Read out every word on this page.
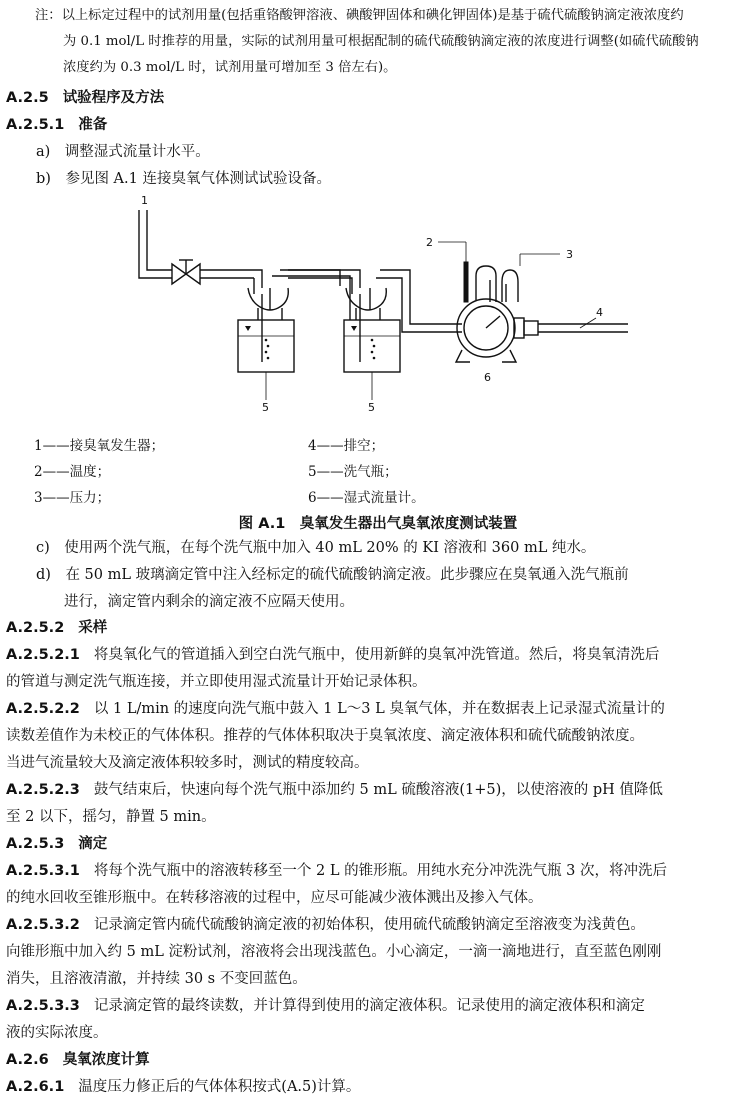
注：以上标定过程中的试剂用量(包括重铬酸钾溶液、碘酸钾固体和碘化钾固体)是基于硫代硫酸钠滴定液浓度约
为 0.1 mol/L 时推荐的用量，实际的试剂用量可根据配制的硫代硫酸钠滴定液的浓度进行调整(如硫代硫酸钠
浓度约为 0.3 mol/L 时，试剂用量可增加至 3 倍左右)。
A.2.5 试验程序及方法
A.2.5.1 准备
a)　调整湿式流量计水平。
b)　参见图 A.1 连接臭氧气体测试试验设备。
1
2
3
4
5	5
6
1——接臭氧发生器；
2——温度；
3——压力；
4——排空；
5——洗气瓶；
6——湿式流量计。
图 A.1　臭氧发生器出气臭氧浓度测试装置
c)　使用两个洗气瓶，在每个洗气瓶中加入 40 mL 20% 的 KI 溶液和 360 mL 纯水。
d)　在 50 mL 玻璃滴定管中注入经标定的硫代硫酸钠滴定液。此步骤应在臭氧通入洗气瓶前
进行，滴定管内剩余的滴定液不应隔天使用。
A.2.5.2 采样
A.2.5.2.1 将臭氧化气的管道插入到空白洗气瓶中，使用新鲜的臭氧冲洗管道。然后，将臭氧清洗后
的管道与测定洗气瓶连接，并立即使用湿式流量计开始记录体积。
A.2.5.2.2 以 1 L/min 的速度向洗气瓶中鼓入 1 L～3 L 臭氧气体，并在数据表上记录湿式流量计的
读数差值作为未校正的气体体积。推荐的气体体积取决于臭氧浓度、滴定液体积和硫代硫酸钠浓度。
当进气流量较大及滴定液体积较多时，测试的精度较高。
A.2.5.2.3 鼓气结束后，快速向每个洗气瓶中添加约 5 mL 硫酸溶液(1+5)，以使溶液的 pH 值降低
至 2 以下，摇匀，静置 5 min。
A.2.5.3 滴定
A.2.5.3.1 将每个洗气瓶中的溶液转移至一个 2 L 的锥形瓶。用纯水充分冲洗洗气瓶 3 次，将冲洗后
的纯水回收至锥形瓶中。在转移溶液的过程中，应尽可能减少液体溅出及掺入气体。
A.2.5.3.2 记录滴定管内硫代硫酸钠滴定液的初始体积，使用硫代硫酸钠滴定至溶液变为浅黄色。
向锥形瓶中加入约 5 mL 淀粉试剂，溶液将会出现浅蓝色。小心滴定，一滴一滴地进行，直至蓝色刚刚
消失，且溶液清澈，并持续 30 s 不变回蓝色。
A.2.5.3.3 记录滴定管的最终读数，并计算得到使用的滴定液体积。记录使用的滴定液体积和滴定
液的实际浓度。
A.2.6 臭氧浓度计算
A.2.6.1 温度压力修正后的气体体积按式(A.5)计算。
